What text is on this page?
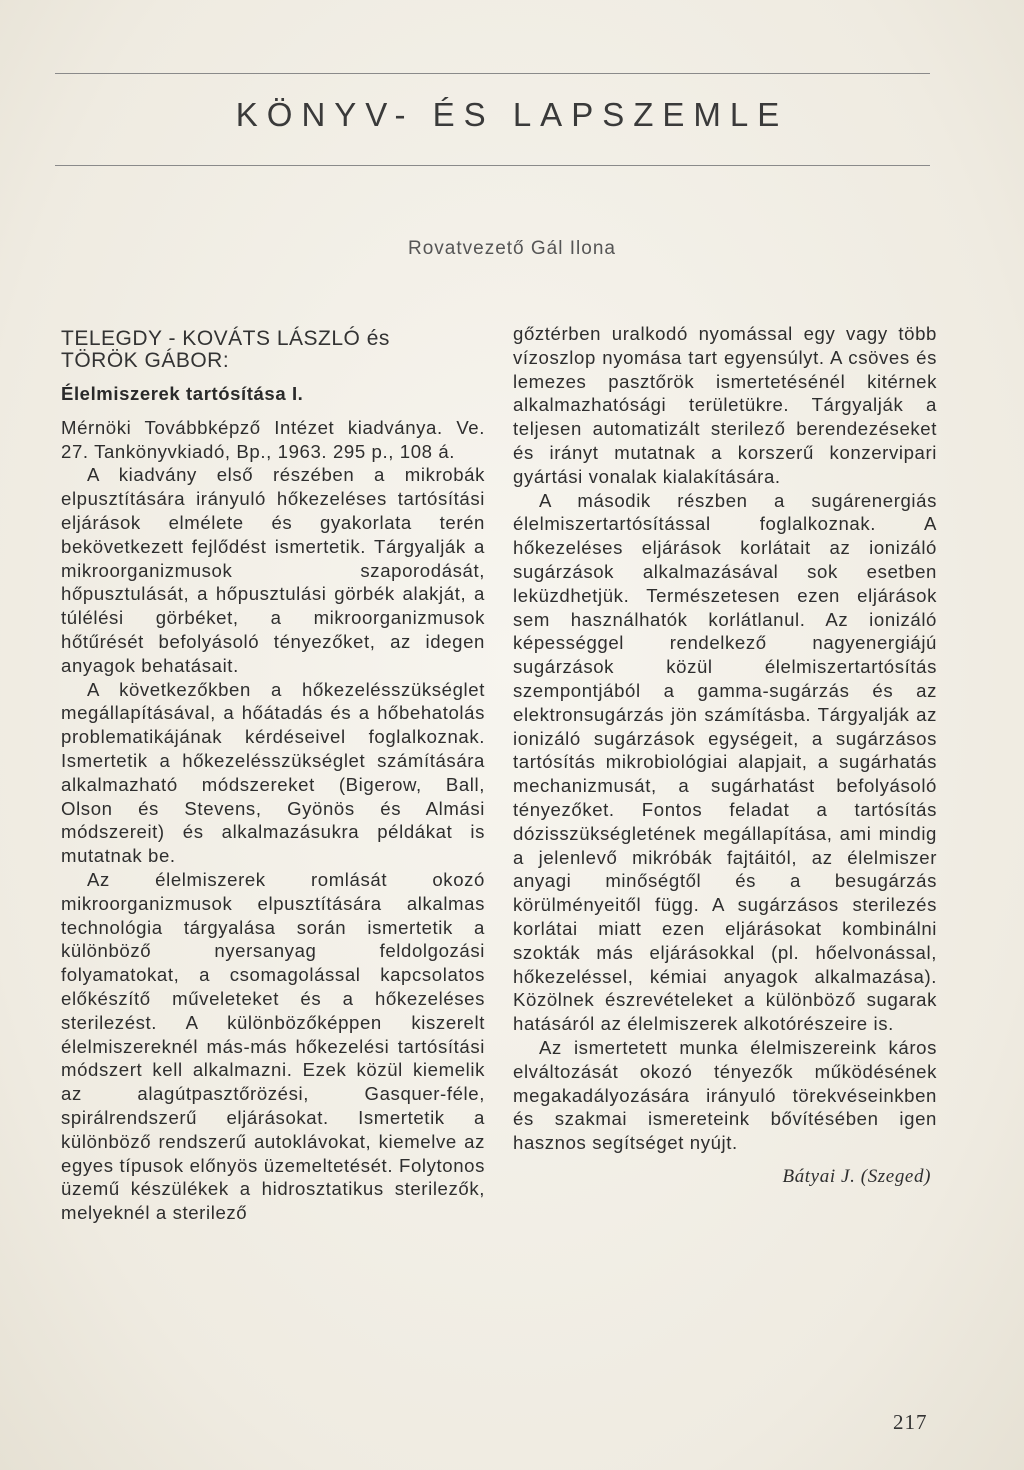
KÖNYV- ÉS LAPSZEMLE
Rovatvezető Gál Ilona
TELEGDY - KOVÁTS LÁSZLÓ és
TÖRÖK GÁBOR:
Élelmiszerek tartósítása I.

Mérnöki Továbbképző Intézet kiadványa. Ve. 27. Tankönyvkiadó, Bp., 1963. 295 p., 108 á.

A kiadvány első részében a mikrobák elpusztítására irányuló hőkezeléses tartósítási eljárások elmélete és gyakorlata terén bekövetkezett fejlődést ismertetik. Tárgyalják a mikroorganizmusok szaporodását, hőpusztulását, a hőpusztulási görbék alakját, a túlélési görbéket, a mikroorganizmusok hőtűrését befolyásoló tényezőket, az idegen anyagok behatásait.

A következőkben a hőkezelésszükséglet megállapításával, a hőátadás és a hőbehatolás problematikájának kérdéseivel foglalkoznak. Ismertetik a hőkezelésszükséglet számítására alkalmazható módszereket (Bigerow, Ball, Olson és Stevens, Gyönös és Almási módszereit) és alkalmazásukra példákat is mutatnak be.

Az élelmiszerek romlását okozó mikroorganizmusok elpusztítására alkalmas technológia tárgyalása során ismertetik a különböző nyersanyag feldolgozási folyamatokat, a csomagolással kapcsolatos előkészítő műveleteket és a hőkezeléses sterilezést. A különbözőképpen kiszerelt élelmiszereknél más-más hőkezelési tartósítási módszert kell alkalmazni. Ezek közül kiemelik az alagútpasztőrözési, Gasquer-féle, spirálrendszerű eljárásokat. Ismertetik a különböző rendszerű autoklávokat, kiemelve az egyes típusok előnyös üzemeltetését. Folytonos üzemű készülékek a hidrosztatikus sterilezők, melyeknél a sterilező

gőztérben uralkodó nyomással egy vagy több vízoszlop nyomása tart egyensúlyt. A csöves és lemezes pasztőrök ismertetésénél kitérnek alkalmazhatósági területükre. Tárgyalják a teljesen automatizált sterilező berendezéseket és irányt mutatnak a korszerű konzervipari gyártási vonalak kialakítására.

A második részben a sugárenergiás élelmiszertartósítással foglalkoznak. A hőkezeléses eljárások korlátait az ionizáló sugárzások alkalmazásával sok esetben leküzdhetjük. Természetesen ezen eljárások sem használhatók korlátlanul. Az ionizáló képességgel rendelkező nagyenergiájú sugárzások közül élelmiszertartósítás szempontjából a gamma-sugárzás és az elektronsugárzás jön számításba. Tárgyalják az ionizáló sugárzások egységeit, a sugárzásos tartósítás mikrobiológiai alapjait, a sugárhatás mechanizmusát, a sugárhatást befolyásoló tényezőket. Fontos feladat a tartósítás dózisszükségletének megállapítása, ami mindig a jelenlevő mikróbák fajtáitól, az élelmiszer anyagi minőségtől és a besugárzás körülményeitől függ. A sugárzásos sterilezés korlátai miatt ezen eljárásokat kombinálni szokták más eljárásokkal (pl. hőelvonással, hőkezeléssel, kémiai anyagok alkalmazása). Közölnek észrevételeket a különböző sugarak hatásáról az élelmiszerek alkotórészeire is.

Az ismertetett munka élelmiszereink káros elváltozását okozó tényezők működésének megakadályozására irányuló törekvéseinkben és szakmai ismereteink bővítésében igen hasznos segítséget nyújt.

Bátyai J. (Szeged)
217
